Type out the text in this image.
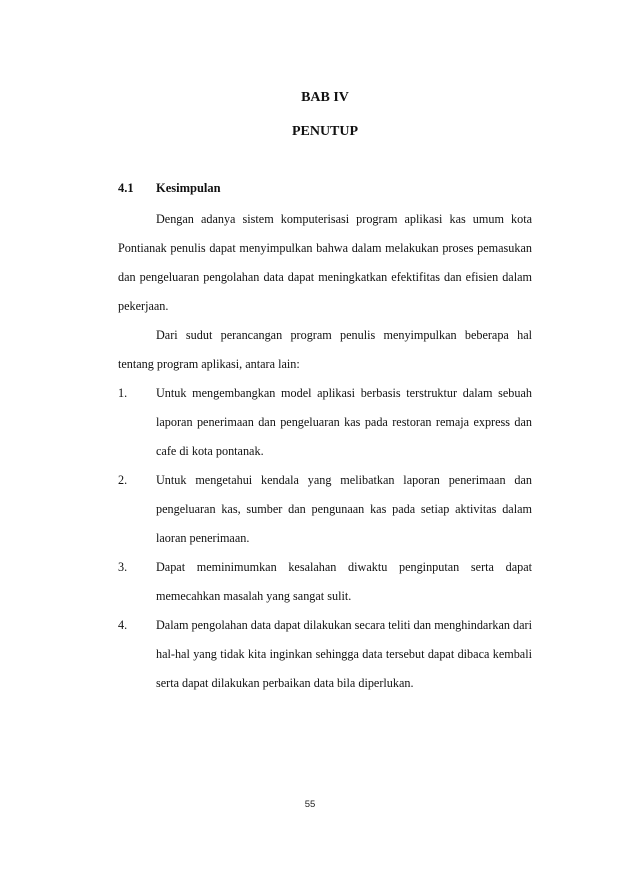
BAB IV
PENUTUP
4.1 Kesimpulan

Dengan adanya sistem komputerisasi program aplikasi kas umum kota Pontianak penulis dapat menyimpulkan bahwa dalam melakukan proses pemasukan dan pengeluaran pengolahan data dapat meningkatkan efektifitas dan efisien dalam pekerjaan.

Dari sudut perancangan program penulis menyimpulkan beberapa hal tentang program aplikasi, antara lain:

1. Untuk mengembangkan model aplikasi berbasis terstruktur dalam sebuah laporan penerimaan dan pengeluaran kas pada restoran remaja express dan cafe di kota pontanak.
2. Untuk mengetahui kendala yang melibatkan laporan penerimaan dan pengeluaran kas, sumber dan pengunaan kas pada setiap aktivitas dalam laoran penerimaan.
3. Dapat meminimumkan kesalahan diwaktu penginputan serta dapat memecahkan masalah yang sangat sulit.
4. Dalam pengolahan data dapat dilakukan secara teliti dan menghindarkan dari hal-hal yang tidak kita inginkan sehingga data tersebut dapat dibaca kembali serta dapat dilakukan perbaikan data bila diperlukan.

55
